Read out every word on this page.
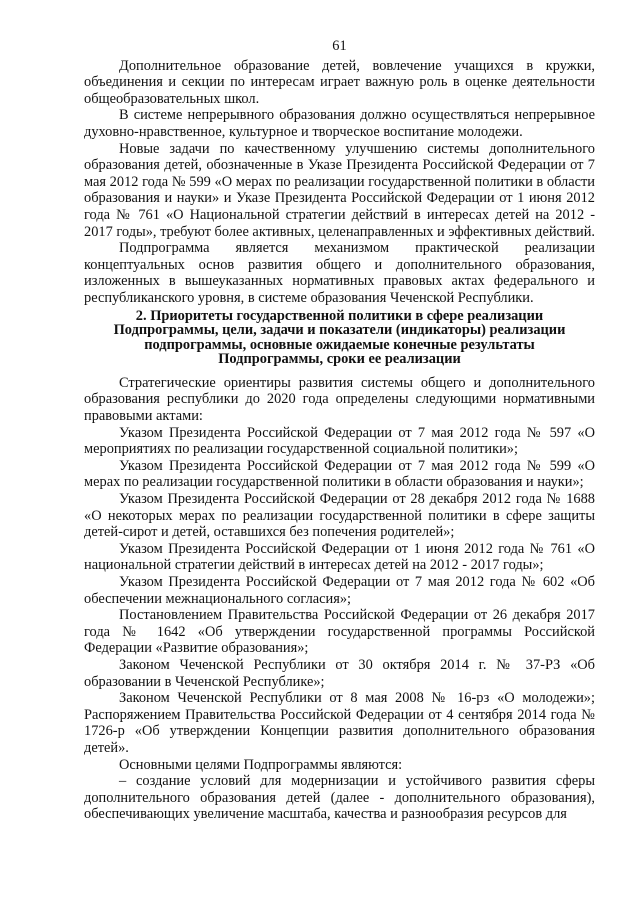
61

Дополнительное образование детей, вовлечение учащихся в кружки, объединения и секции по интересам играет важную роль в оценке деятельности общеобразовательных школ.

В системе непрерывного образования должно осуществляться непрерывное духовно-нравственное, культурное и творческое воспитание молодежи.

Новые задачи по качественному улучшению системы дополнительного образования детей, обозначенные в Указе Президента Российской Федерации от 7 мая 2012 года № 599 «О мерах по реализации государственной политики в области образования и науки» и Указе Президента Российской Федерации от 1 июня 2012 года № 761 «О Национальной стратегии действий в интересах детей на 2012 - 2017 годы», требуют более активных, целенаправленных и эффективных действий.

Подпрограмма является механизмом практической реализации концептуальных основ развития общего и дополнительного образования, изложенных в вышеуказанных нормативных правовых актах федерального и республиканского уровня, в системе образования Чеченской Республики.

2. Приоритеты государственной политики в сфере реализации
Подпрограммы, цели, задачи и показатели (индикаторы) реализации
подпрограммы, основные ожидаемые конечные результаты
Подпрограммы, сроки ее реализации

Стратегические ориентиры развития системы общего и дополнительного образования республики до 2020 года определены следующими нормативными правовыми актами:

Указом Президента Российской Федерации от 7 мая 2012 года № 597 «О мероприятиях по реализации государственной социальной политики»;

Указом Президента Российской Федерации от 7 мая 2012 года № 599 «О мерах по реализации государственной политики в области образования и науки»;

Указом Президента Российской Федерации от 28 декабря 2012 года № 1688 «О некоторых мерах по реализации государственной политики в сфере защиты детей-сирот и детей, оставшихся без попечения родителей»;

Указом Президента Российской Федерации от 1 июня 2012 года № 761 «О национальной стратегии действий в интересах детей на 2012 - 2017 годы»;

Указом Президента Российской Федерации от 7 мая 2012 года № 602 «Об обеспечении межнационального согласия»;

Постановлением Правительства Российской Федерации от 26 декабря 2017 года № 1642 «Об утверждении государственной программы Российской Федерации «Развитие образования»;

Законом Чеченской Республики от 30 октября 2014 г. № 37-РЗ «Об образовании в Чеченской Республике»;

Законом Чеченской Республики от 8 мая 2008 № 16-рз «О молодежи»; Распоряжением Правительства Российской Федерации от 4 сентября 2014 года № 1726-р «Об утверждении Концепции развития дополнительного образования детей».

Основными целями Подпрограммы являются:

– создание условий для модернизации и устойчивого развития сферы дополнительного образования детей (далее - дополнительного образования), обеспечивающих увеличение масштаба, качества и разнообразия ресурсов для
